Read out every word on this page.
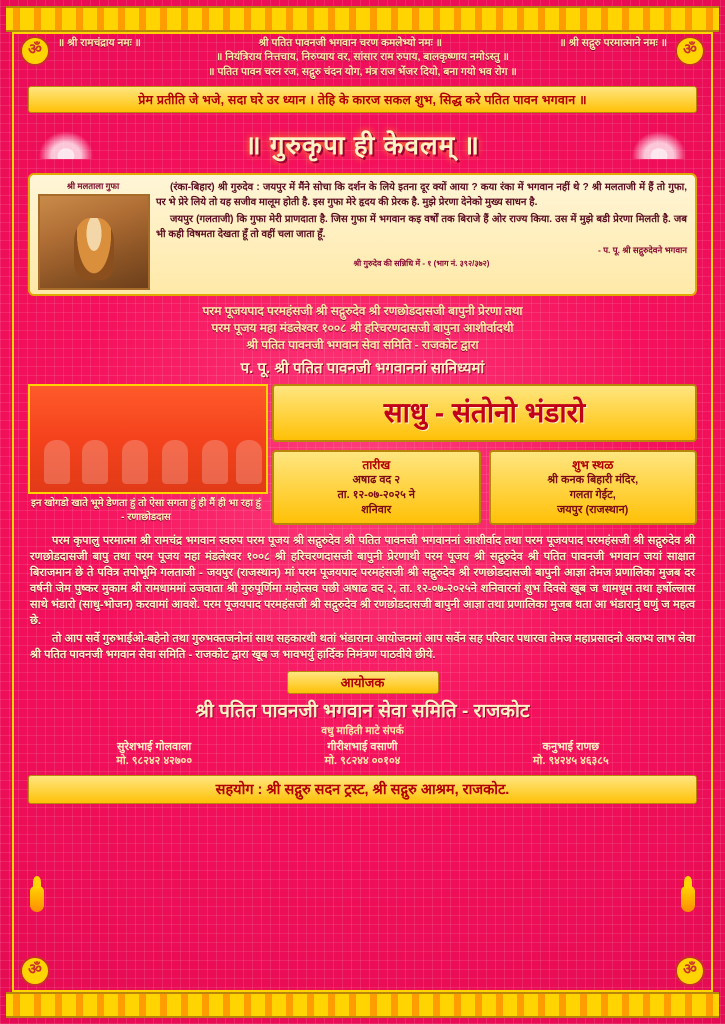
ॐ	ॐ
ॐ	ॐ
॥ श्री रामचंद्राय नमः ॥	श्री पतित पावनजी भगवान चरण कमलेभ्यो नमः ॥	॥ श्री सद्गुरु परमात्माने नमः ॥
॥ नियंत्रिराय नित्तचाय, निरुप्याय वर, सांसार राम रुपाय, बालकृष्णाय नमोऽस्तु ॥
॥ पतित पावन चरन रज, सद्गुरु चंदन योग, मंत्र राज भेंजर दियो, बना गयो भव रोग ॥
प्रेम प्रतीति जे भजे, सदा घरे उर ध्यान । तेहि के कारज सकल शुभ, सिद्ध करे पतित पावन भगवान ॥
॥ गुरुकृपा ही केवलम् ॥
श्री मलताला गुफा	(रंका-बिहार) श्री गुरुदेव : जयपुर में मैंने सोचा कि दर्शन के लिये इतना दूर क्यों आया ? कया रंका में भगवान नहीं थे ? श्री मलताजी में हैं तो गुफा, पर भे प्रेरे लिये तो यह सजीव मालूम होती है. इस गुफा मेरे हृदय की प्रेरक है. मुझे प्रेरणा देनेको मुख्य साधन है.

जयपुर (गलताजी) कि गुफा मेरी प्राणदाता है. जिस गुफा में भगवान कइ वर्षों तक बिराजे हैं ओर राज्य किया. उस में मुझे बडी प्रेरणा मिलती है. जब भी कही विषमता देखता हूँ तो वहीं चला जाता हूँ.

- प. पू. श्री सद्गुरुदेवने भगवान
श्री गुरुदेव की सन्निधि में - १ (भाग नं. ३९२/३७२)
परम पूजयपाद परमहंसजी श्री सद्गुरुदेव श्री रणछोडदासजी बापुनी प्रेरणा तथा
परम पूजय महा मंडलेश्वर १००८ श्री हरिचरणदासजी बापुना आशीर्वादथी
श्री पतित पावनजी भगवान सेवा समिति - राजकोट द्वारा
प. पू. श्री पतित पावनजी भगवाननां सानिध्यमां
इन खोगडो खाते भूमे डेणता हुं तो ऐसा सगता हुं ही मैं ही भा रहा हुं - रणाछोडदास
साधु - संतोनो भंडारो
तारीख
अषाढ वद २
ता. १२-०७-२०२५ ने
शनिवार
शुभ स्थळ
श्री कनक बिहारी मंदिर,
गलता गेईट,
जयपुर (राजस्थान)

परम कृपालु परमात्मा श्री रामचंद्र भगवान स्वरुप परम पूजय श्री सद्गुरुदेव श्री पतित पावनजी भगवाननां आशीर्वाद तथा परम पूजयपाद परमहंसजी श्री सद्गुरुदेव श्री रणछोडदासजी बापु तथा परम पूजय महा मंडलेश्वर १००८ श्री हरिचरणदासजी बापुनी प्रेरणाथी परम पूजय श्री सद्गुरुदेव श्री पतित पावनजी भगवान जयां साक्षात बिराजमान छे ते पवित्र तपोभूमि गलताजी - जयपुर (राजस्थान) मां परम पूजयपाद परमहंसजी श्री सद्गुरुदेव श्री रणछोडदासजी बापुनी आज्ञा तेमज प्रणालिका मुजब दर वर्षनी जेम पुष्कर मुकाम श्री रामधाममां उजवाता श्री गुरुपूर्णिमा महोत्सव पछी अषाढ वद २, ता. १२-०७-२०२५ने शनिवारनां शुभ दिवसे खूब ज धामधूम तथा हर्षोल्लास साथे भंडारो (साधु-भोजन) करवामां आवशे. परम पूजयपाद परमहंसजी श्री सद्गुरुदेव श्री रणछोडदासजी बापुनी आज्ञा तथा प्रणालिका मुजब थता आ भंडारानुं घणुं ज महत्व छे.

तो आप सर्वे गुरुभाईओ-बहेनो तथा गुरुभक्तजनोनां साथ सहकारथी थतां भंडाराना आयोजनमां आप सर्वेन सह परिवार पधारवा तेमज महाप्रसादनो अलभ्य लाभ लेवा श्री पतित पावनजी भगवान सेवा समिति - राजकोट द्वारा खूब ज भावभर्यु हार्दिक निमंत्रण पाठवीये छीये.

आयोजक
श्री पतित पावनजी भगवान सेवा समिति - राजकोट
वधु माहिती माटे संपर्क
सुरेशभाई गोलवाला
मो. ९८२४२ ४२७००
गीरीशभाई वसाणी
मो. ९८२४४ ००१०४
कनुभाई राणछ
मो. ९४२४५ ४६३८५
सहयोग : श्री सद्गुरु सदन ट्रस्ट, श्री सद्गुरु आश्रम, राजकोट.
